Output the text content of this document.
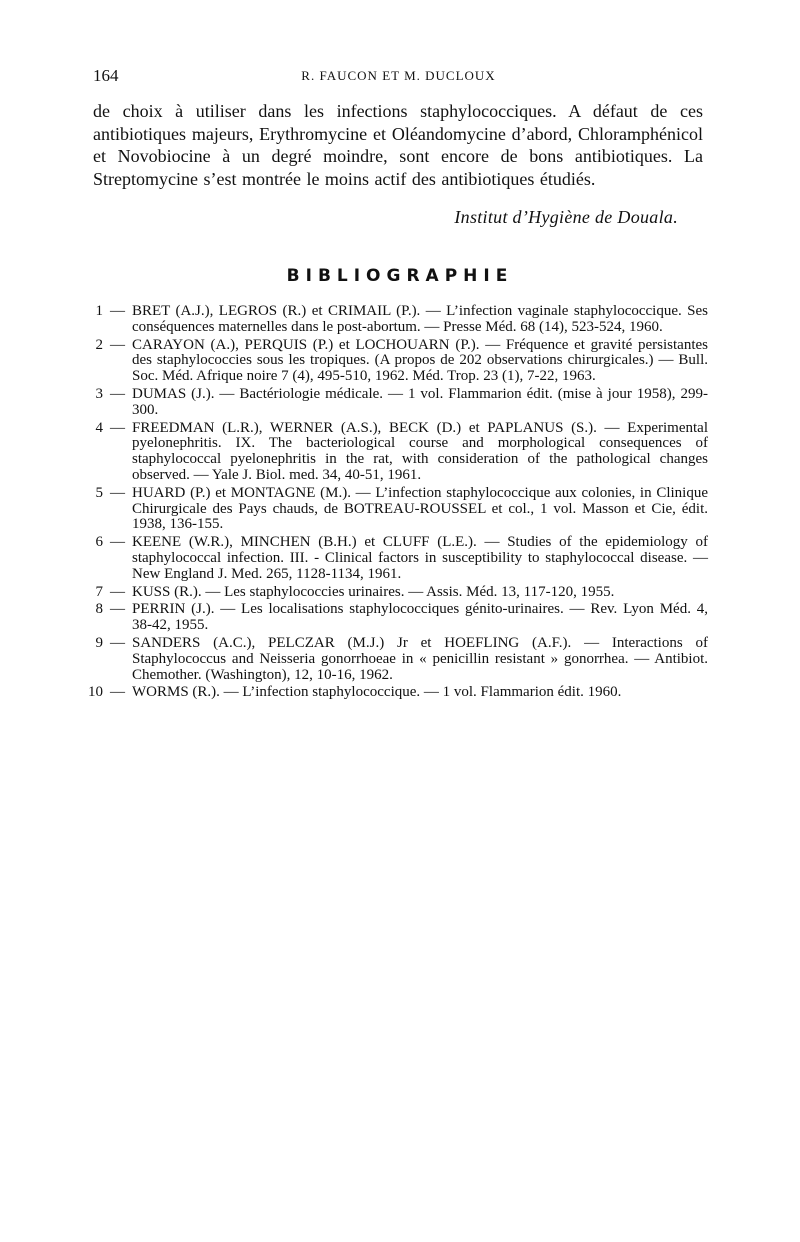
164	R. FAUCON ET M. DUCLOUX

de choix à utiliser dans les infections staphylococciques. A défaut de ces antibiotiques majeurs, Erythromycine et Oléandomycine d’abord, Chloramphénicol et Novobiocine à un degré moindre, sont encore de bons antibiotiques. La Streptomycine s’est montrée le moins actif des antibiotiques étudiés.

Institut d’Hygiène de Douala.
BIBLIOGRAPHIE
1 — BRET (A.J.), LEGROS (R.) et CRIMAIL (P.). — L’infection vaginale staphylococcique. Ses conséquences maternelles dans le post-abortum. — Presse Méd. 68 (14), 523-524, 1960.
2 — CARAYON (A.), PERQUIS (P.) et LOCHOUARN (P.). — Fréquence et gravité persistantes des staphylococcies sous les tropiques. (A propos de 202 observations chirurgicales.) — Bull. Soc. Méd. Afrique noire 7 (4), 495-510, 1962. Méd. Trop. 23 (1), 7-22, 1963.
3 — DUMAS (J.). — Bactériologie médicale. — 1 vol. Flammarion édit. (mise à jour 1958), 299-300.
4 — FREEDMAN (L.R.), WERNER (A.S.), BECK (D.) et PAPLANUS (S.). — Experimental pyelonephritis. IX. The bacteriological course and morphological consequences of staphylococcal pyelonephritis in the rat, with consideration of the pathological changes observed. — Yale J. Biol. med. 34, 40-51, 1961.
5 — HUARD (P.) et MONTAGNE (M.). — L’infection staphylococcique aux colonies, in Clinique Chirurgicale des Pays chauds, de BOTREAU-ROUSSEL et col., 1 vol. Masson et Cie, édit. 1938, 136-155.
6 — KEENE (W.R.), MINCHEN (B.H.) et CLUFF (L.E.). — Studies of the epidemiology of staphylococcal infection. III. - Clinical factors in susceptibility to staphylococcal disease. — New England J. Med. 265, 1128-1134, 1961.
7 — KUSS (R.). — Les staphylococcies urinaires. — Assis. Méd. 13, 117-120, 1955.
8 — PERRIN (J.). — Les localisations staphylococciques génito-urinaires. — Rev. Lyon Méd. 4, 38-42, 1955.
9 — SANDERS (A.C.), PELCZAR (M.J.) Jr et HOEFLING (A.F.). — Interactions of Staphylococcus and Neisseria gonorrhoeae in « penicillin resistant » gonorrhea. — Antibiot. Chemother. (Washington), 12, 10-16, 1962.
10 — WORMS (R.). — L’infection staphylococcique. — 1 vol. Flammarion édit. 1960.
